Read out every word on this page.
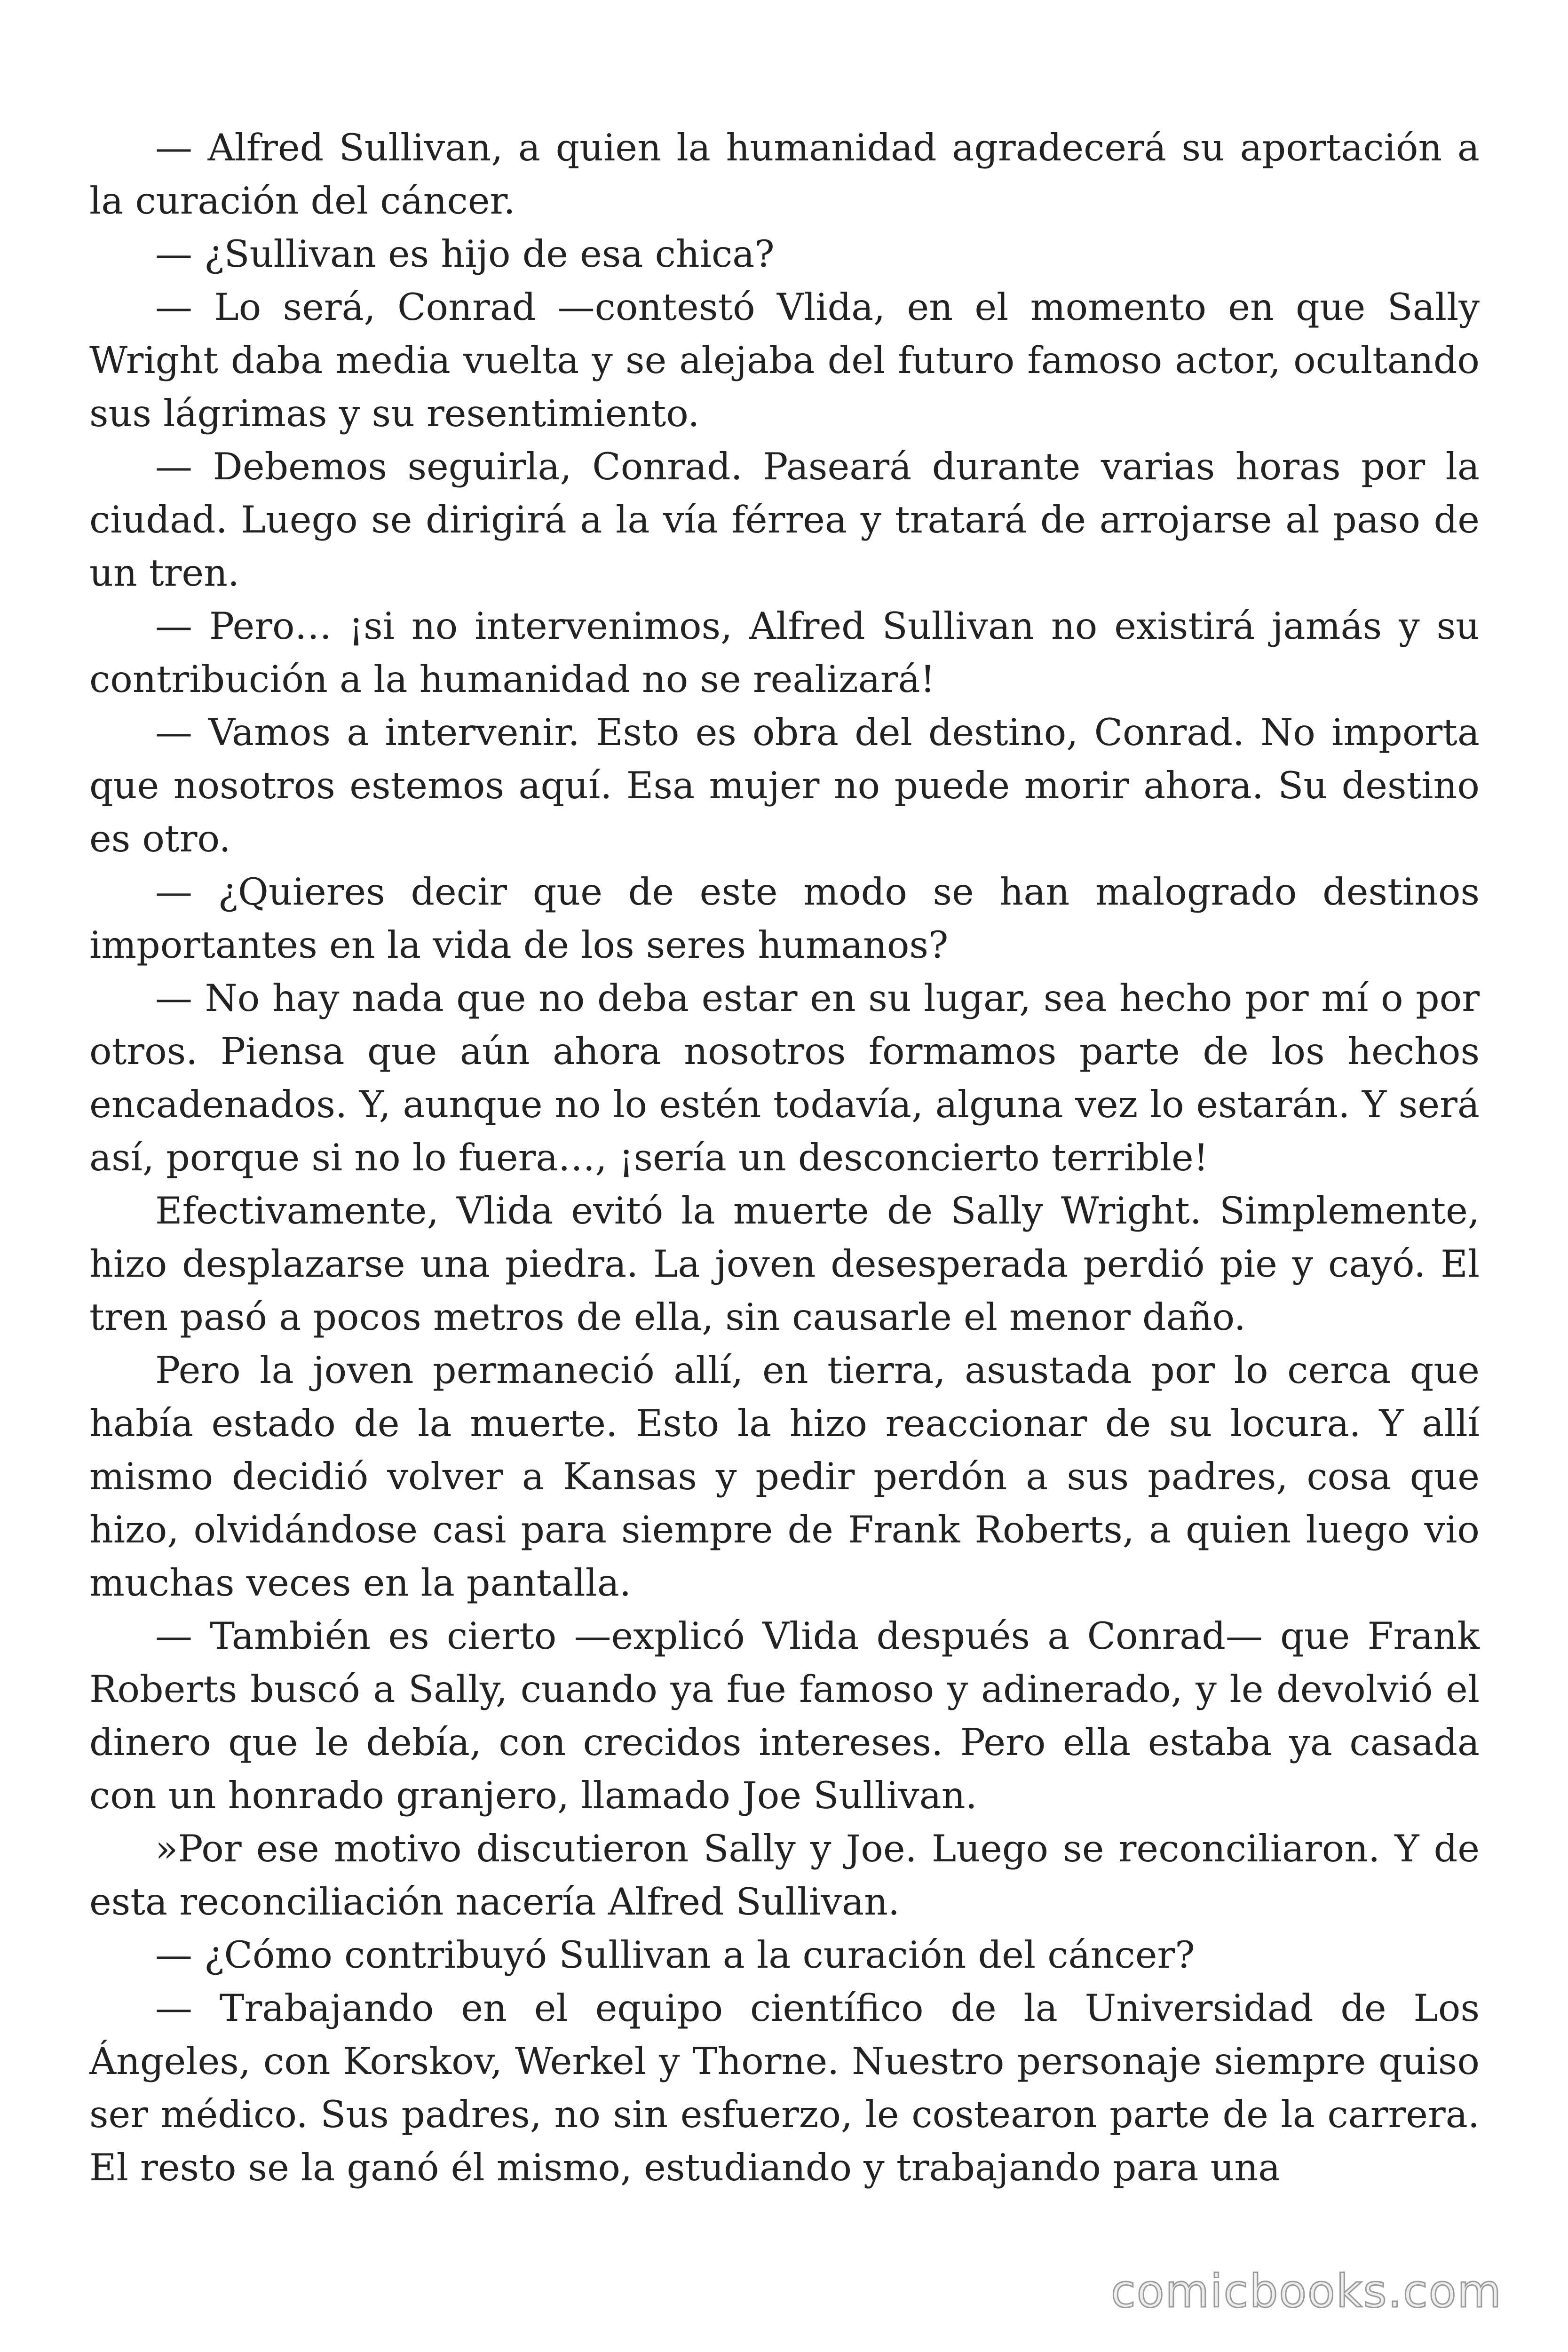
— Alfred Sullivan, a quien la humanidad agradecerá su aportación a la curación del cáncer.

— ¿Sullivan es hijo de esa chica?

— Lo será, Conrad —contestó Vlida, en el momento en que Sally Wright daba media vuelta y se alejaba del futuro famoso actor, ocultando sus lágrimas y su resentimiento.

— Debemos seguirla, Conrad. Paseará durante varias horas por la ciudad. Luego se dirigirá a la vía férrea y tratará de arrojarse al paso de un tren.

— Pero… ¡si no intervenimos, Alfred Sullivan no existirá jamás y su contribución a la humanidad no se realizará!

— Vamos a intervenir. Esto es obra del destino, Conrad. No importa que nosotros estemos aquí. Esa mujer no puede morir ahora. Su destino es otro.

— ¿Quieres decir que de este modo se han malogrado destinos importantes en la vida de los seres humanos?

— No hay nada que no deba estar en su lugar, sea hecho por mí o por otros. Piensa que aún ahora nosotros formamos parte de los hechos encadenados. Y, aunque no lo estén todavía, alguna vez lo estarán. Y será así, porque si no lo fuera…, ¡sería un desconcierto terrible!

Efectivamente, Vlida evitó la muerte de Sally Wright. Simplemente, hizo desplazarse una piedra. La joven desesperada perdió pie y cayó. El tren pasó a pocos metros de ella, sin causarle el menor daño.

Pero la joven permaneció allí, en tierra, asustada por lo cerca que había estado de la muerte. Esto la hizo reaccionar de su locura. Y allí mismo decidió volver a Kansas y pedir perdón a sus padres, cosa que hizo, olvidándose casi para siempre de Frank Roberts, a quien luego vio muchas veces en la pantalla.

— También es cierto —explicó Vlida después a Conrad— que Frank Roberts buscó a Sally, cuando ya fue famoso y adinerado, y le devolvió el dinero que le debía, con crecidos intereses. Pero ella estaba ya casada con un honrado granjero, llamado Joe Sullivan.

»Por ese motivo discutieron Sally y Joe. Luego se reconciliaron. Y de esta reconciliación nacería Alfred Sullivan.

— ¿Cómo contribuyó Sullivan a la curación del cáncer?

— Trabajando en el equipo científico de la Universidad de Los Ángeles, con Korskov, Werkel y Thorne. Nuestro personaje siempre quiso ser médico. Sus padres, no sin esfuerzo, le costearon parte de la carrera. El resto se la ganó él mismo, estudiando y trabajando para una

comicbooks.com
